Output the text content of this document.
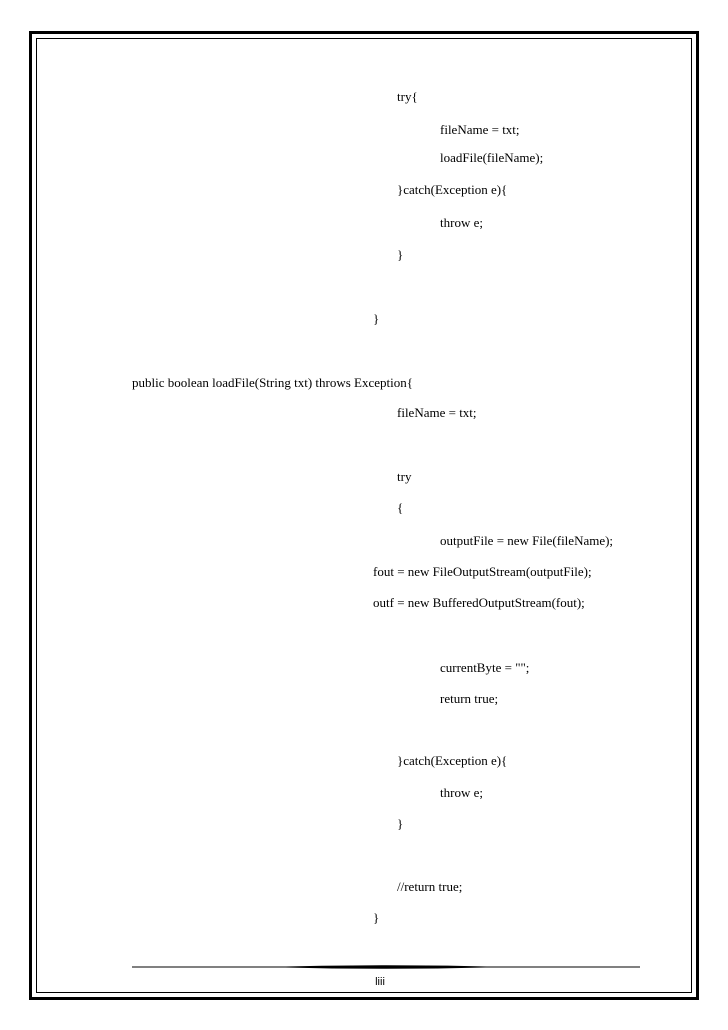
try{
fileName = txt;
loadFile(fileName);
}catch(Exception e){
throw e;
}
}
public boolean loadFile(String txt) throws Exception{
fileName = txt;
try
{
outputFile = new File(fileName);
fout = new FileOutputStream(outputFile);
outf = new BufferedOutputStream(fout);
currentByte = "";
return true;
}catch(Exception e){
throw e;
}
//return true;
}
liii
